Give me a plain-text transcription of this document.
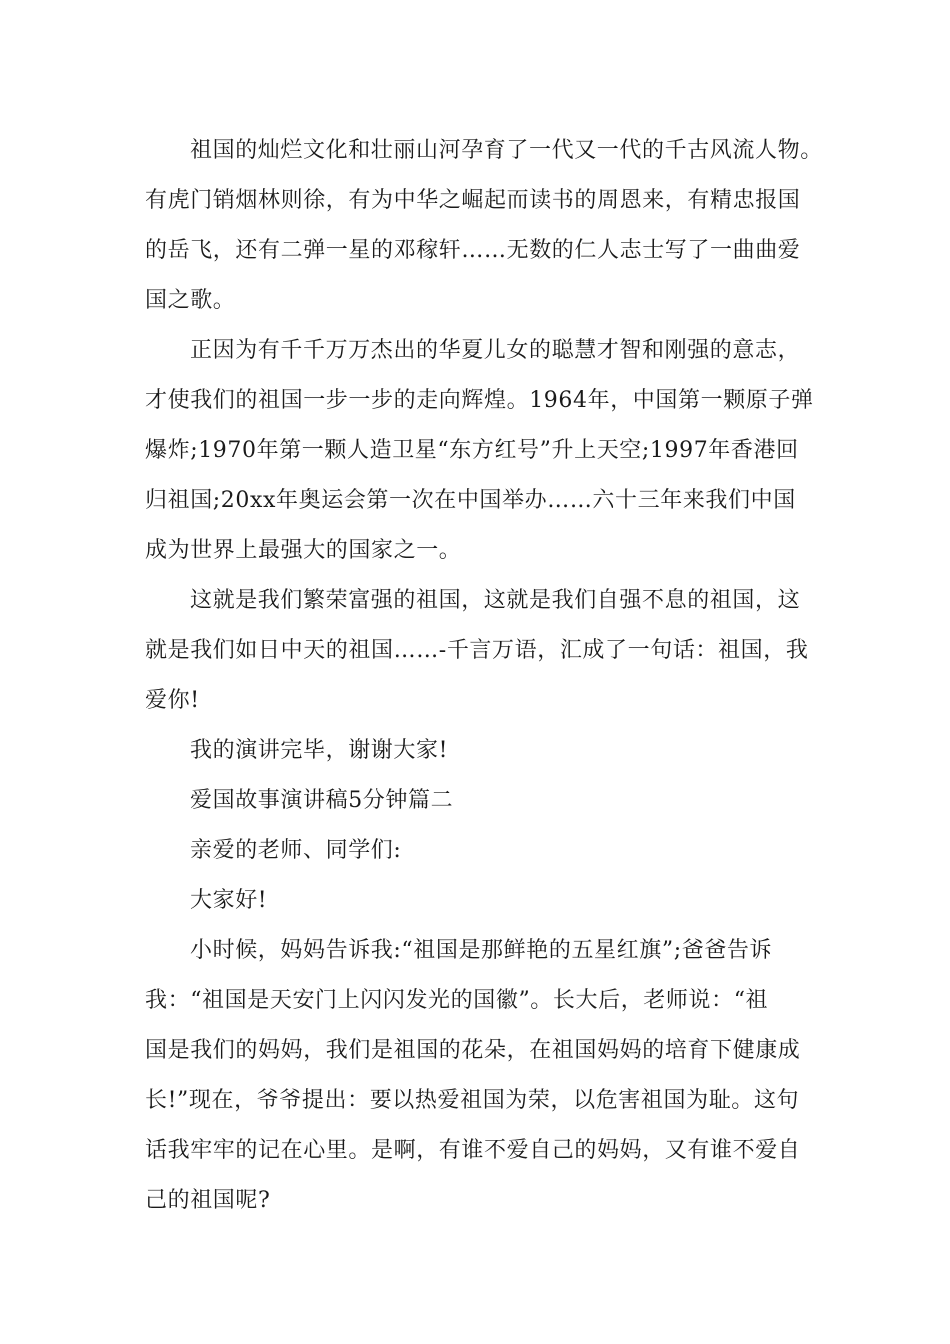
祖国的灿烂文化和壮丽山河孕育了一代又一代的千古风流人物。

有虎门销烟林则徐，有为中华之崛起而读书的周恩来，有精忠报国

的岳飞，还有二弹一星的邓稼轩……无数的仁人志士写了一曲曲爱

国之歌。

正因为有千千万万杰出的华夏儿女的聪慧才智和刚强的意志，

才使我们的祖国一步一步的走向辉煌。1964年，中国第一颗原子弹

爆炸;1970年第一颗人造卫星“东方红号”升上天空;1997年香港回

归祖国;20xx年奥运会第一次在中国举办……六十三年来我们中国

成为世界上最强大的国家之一。

这就是我们繁荣富强的祖国，这就是我们自强不息的祖国，这

就是我们如日中天的祖国……-千言万语，汇成了一句话：祖国，我

爱你!

我的演讲完毕，谢谢大家!

爱国故事演讲稿5分钟篇二

亲爱的老师、同学们:

大家好!

小时候，妈妈告诉我:“祖国是那鲜艳的五星红旗”;爸爸告诉

我：“祖国是天安门上闪闪发光的国徽”。长大后，老师说：“祖

国是我们的妈妈，我们是祖国的花朵，在祖国妈妈的培育下健康成

长!”现在，爷爷提出：要以热爱祖国为荣，以危害祖国为耻。这句

话我牢牢的记在心里。是啊，有谁不爱自己的妈妈，又有谁不爱自

己的祖国呢?
